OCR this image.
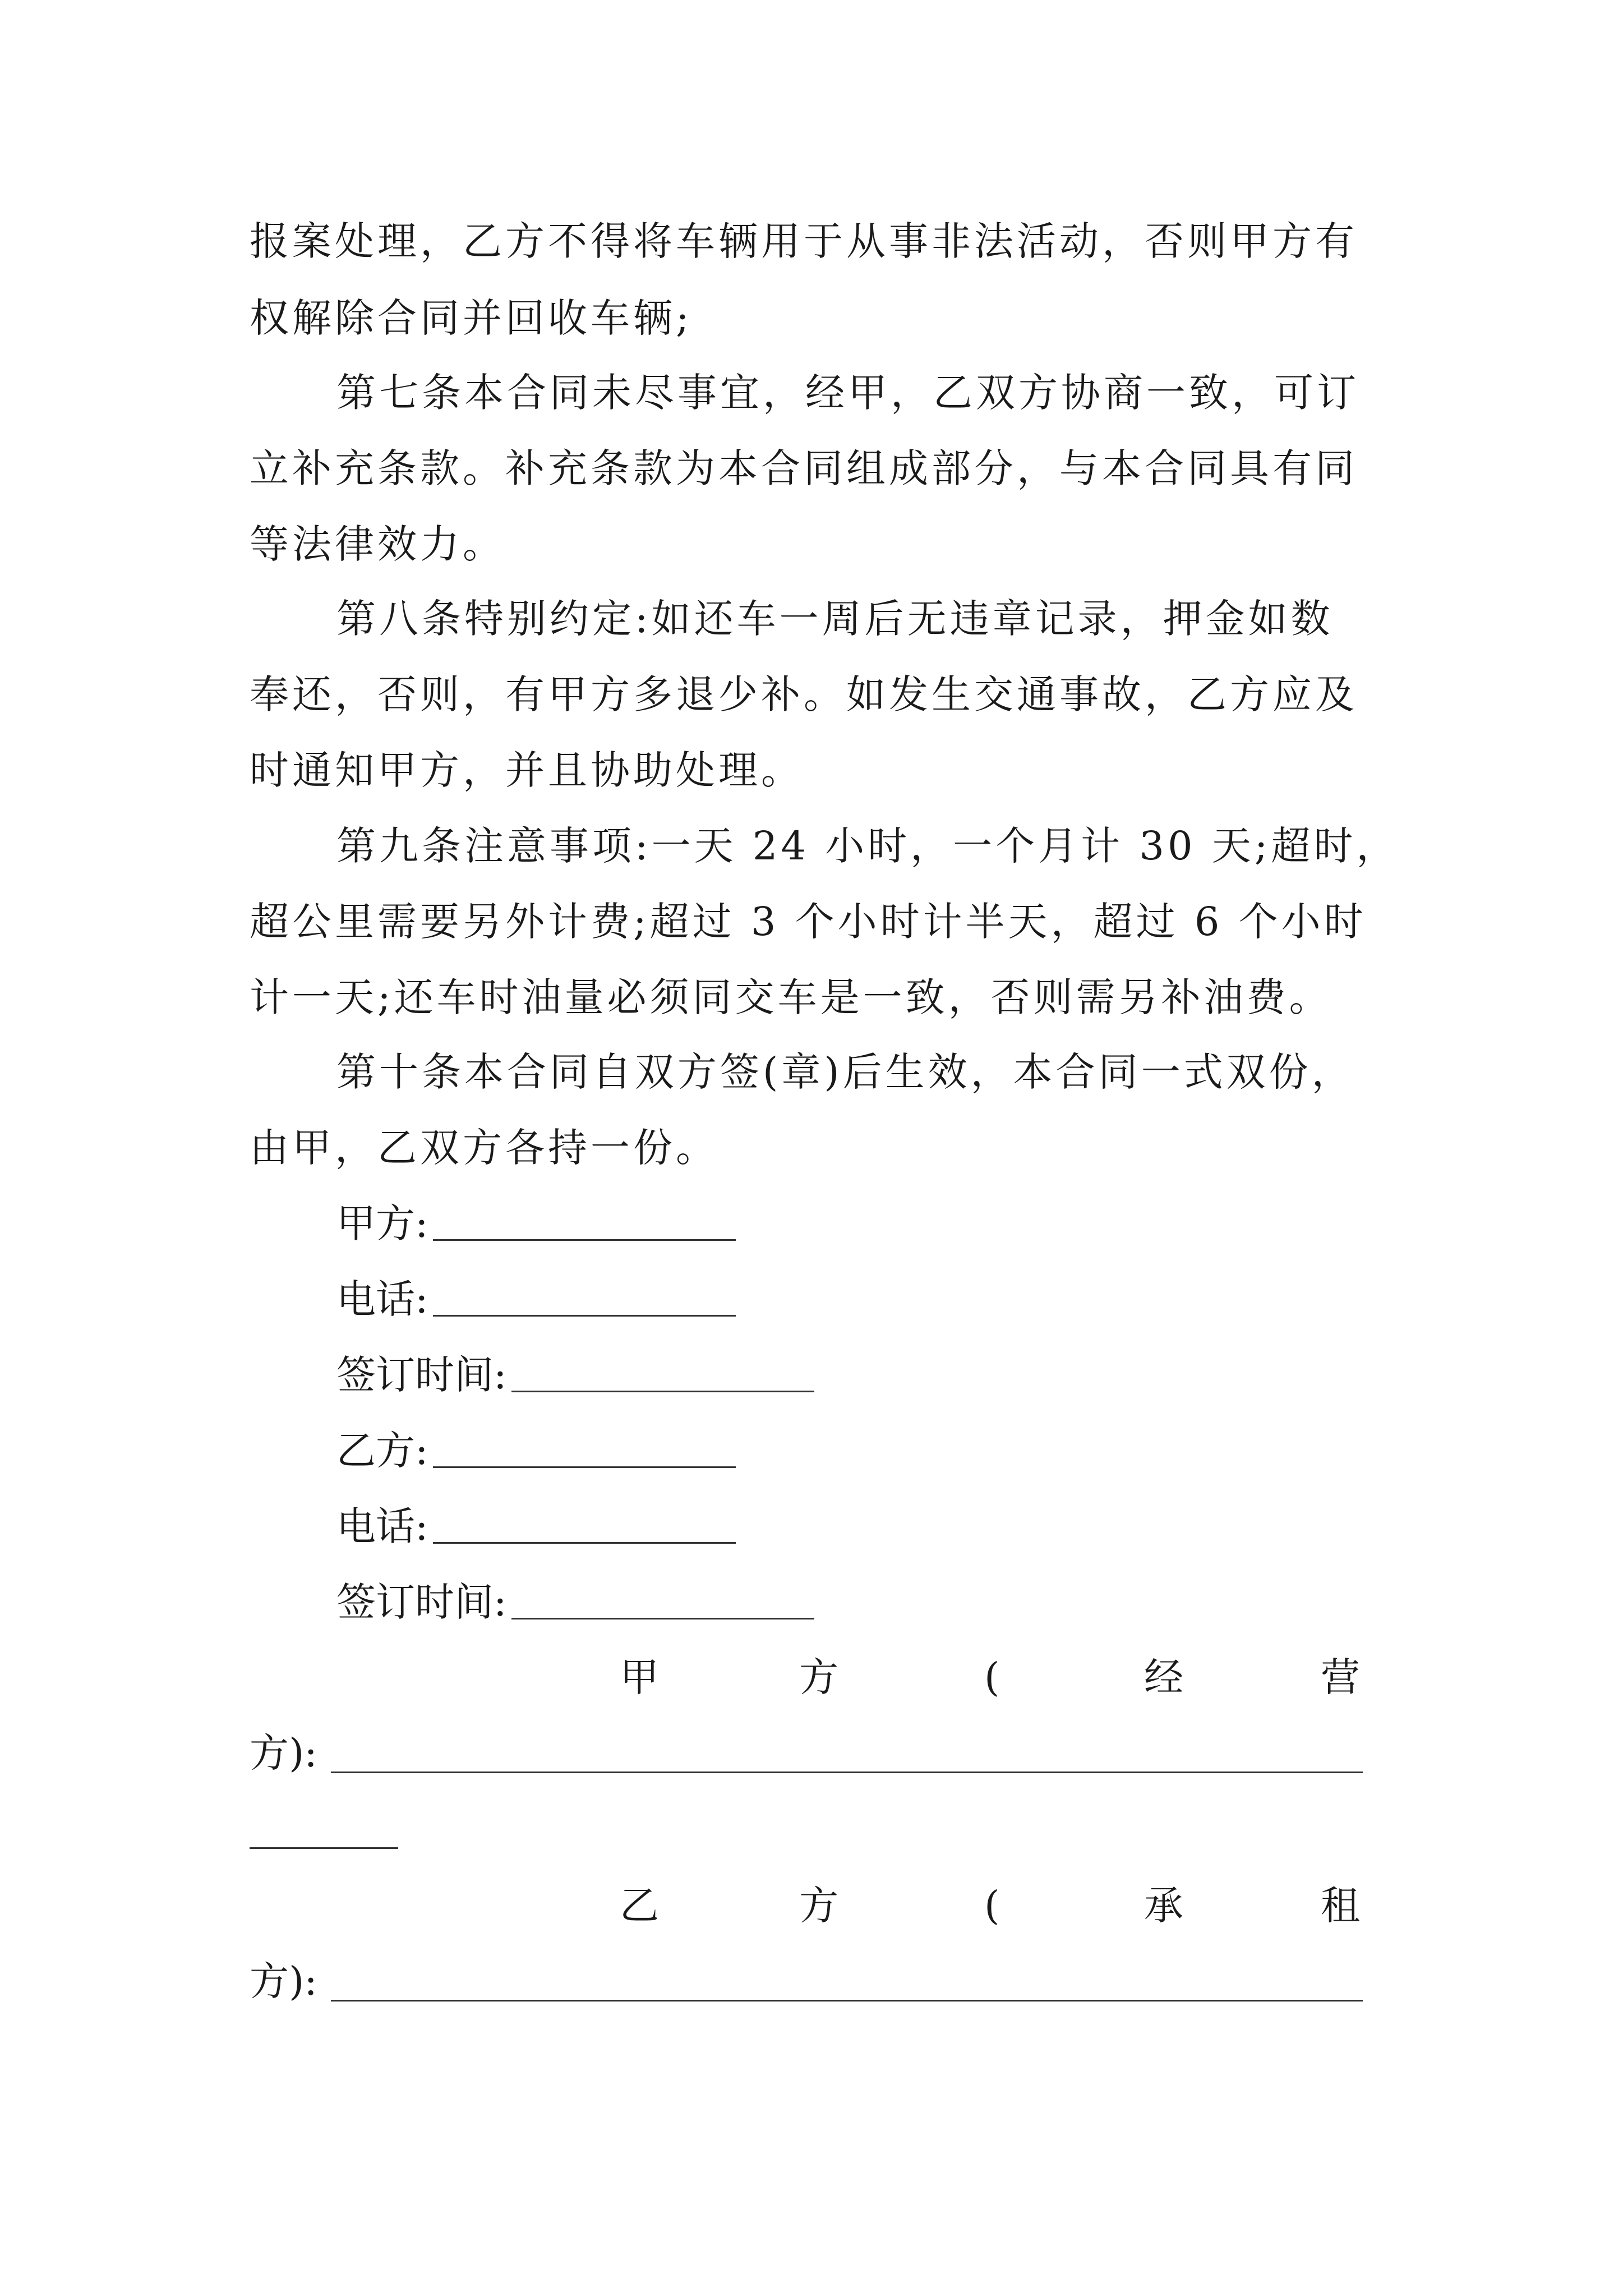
报案处理，乙方不得将车辆用于从事非法活动，否则甲方有
权解除合同并回收车辆;
第七条本合同未尽事宜，经甲，乙双方协商一致，可订
立补充条款。补充条款为本合同组成部分，与本合同具有同
等法律效力。
第八条特别约定:如还车一周后无违章记录，押金如数
奉还，否则，有甲方多退少补。如发生交通事故，乙方应及
时通知甲方，并且协助处理。
第九条注意事项:一天 24 小时，一个月计 30 天;超时，
超公里需要另外计费;超过 3 个小时计半天，超过 6 个小时
计一天;还车时油量必须同交车是一致，否则需另补油费。
第十条本合同自双方签(章)后生效，本合同一式双份，
由甲，乙双方各持一份。
甲方:
电话:
签订时间:
乙方:
电话:
签订时间:
甲	方	(	经	营
方):
乙	方	(	承	租
方):
